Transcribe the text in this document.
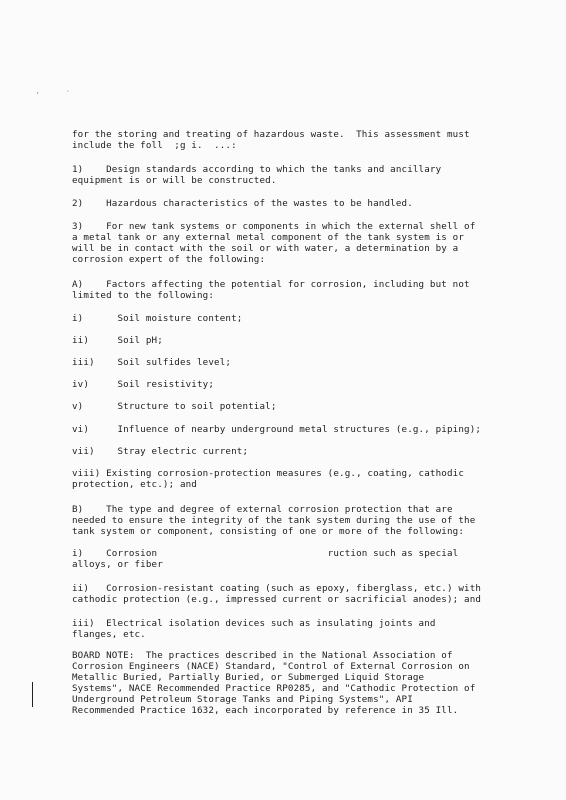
,	·
for the storing and treating of hazardous waste.  This assessment must
include the foll  ;g i.  ...:
1)    Design standards according to which the tanks and ancillary
equipment is or will be constructed.
2)    Hazardous characteristics of the wastes to be handled.
3)    For new tank systems or components in which the external shell of
a metal tank or any external metal component of the tank system is or
will be in contact with the soil or with water, a determination by a
corrosion expert of the following:
A)    Factors affecting the potential for corrosion, including but not
limited to the following:
i)      Soil moisture content;
ii)     Soil pH;
iii)    Soil sulfides level;
iv)     Soil resistivity;
v)      Structure to soil potential;
vi)     Influence of nearby underground metal structures (e.g., piping);
vii)    Stray electric current;
viii) Existing corrosion-protection measures (e.g., coating, cathodic
protection, etc.); and
B)    The type and degree of external corrosion protection that are
needed to ensure the integrity of the tank system during the use of the
tank system or component, consisting of one or more of the following:
i)    Corrosion                              ruction such as special
alloys, or fiber
ii)   Corrosion-resistant coating (such as epoxy, fiberglass, etc.) with
cathodic protection (e.g., impressed current or sacrificial anodes); and
iii)  Electrical isolation devices such as insulating joints and
flanges, etc.
BOARD NOTE:  The practices described in the National Association of
Corrosion Engineers (NACE) Standard, "Control of External Corrosion on
Metallic Buried, Partially Buried, or Submerged Liquid Storage
Systems", NACE Recommended Practice RP0285, and "Cathodic Protection of
Underground Petroleum Storage Tanks and Piping Systems", API
Recommended Practice 1632, each incorporated by reference in 35 Ill.
